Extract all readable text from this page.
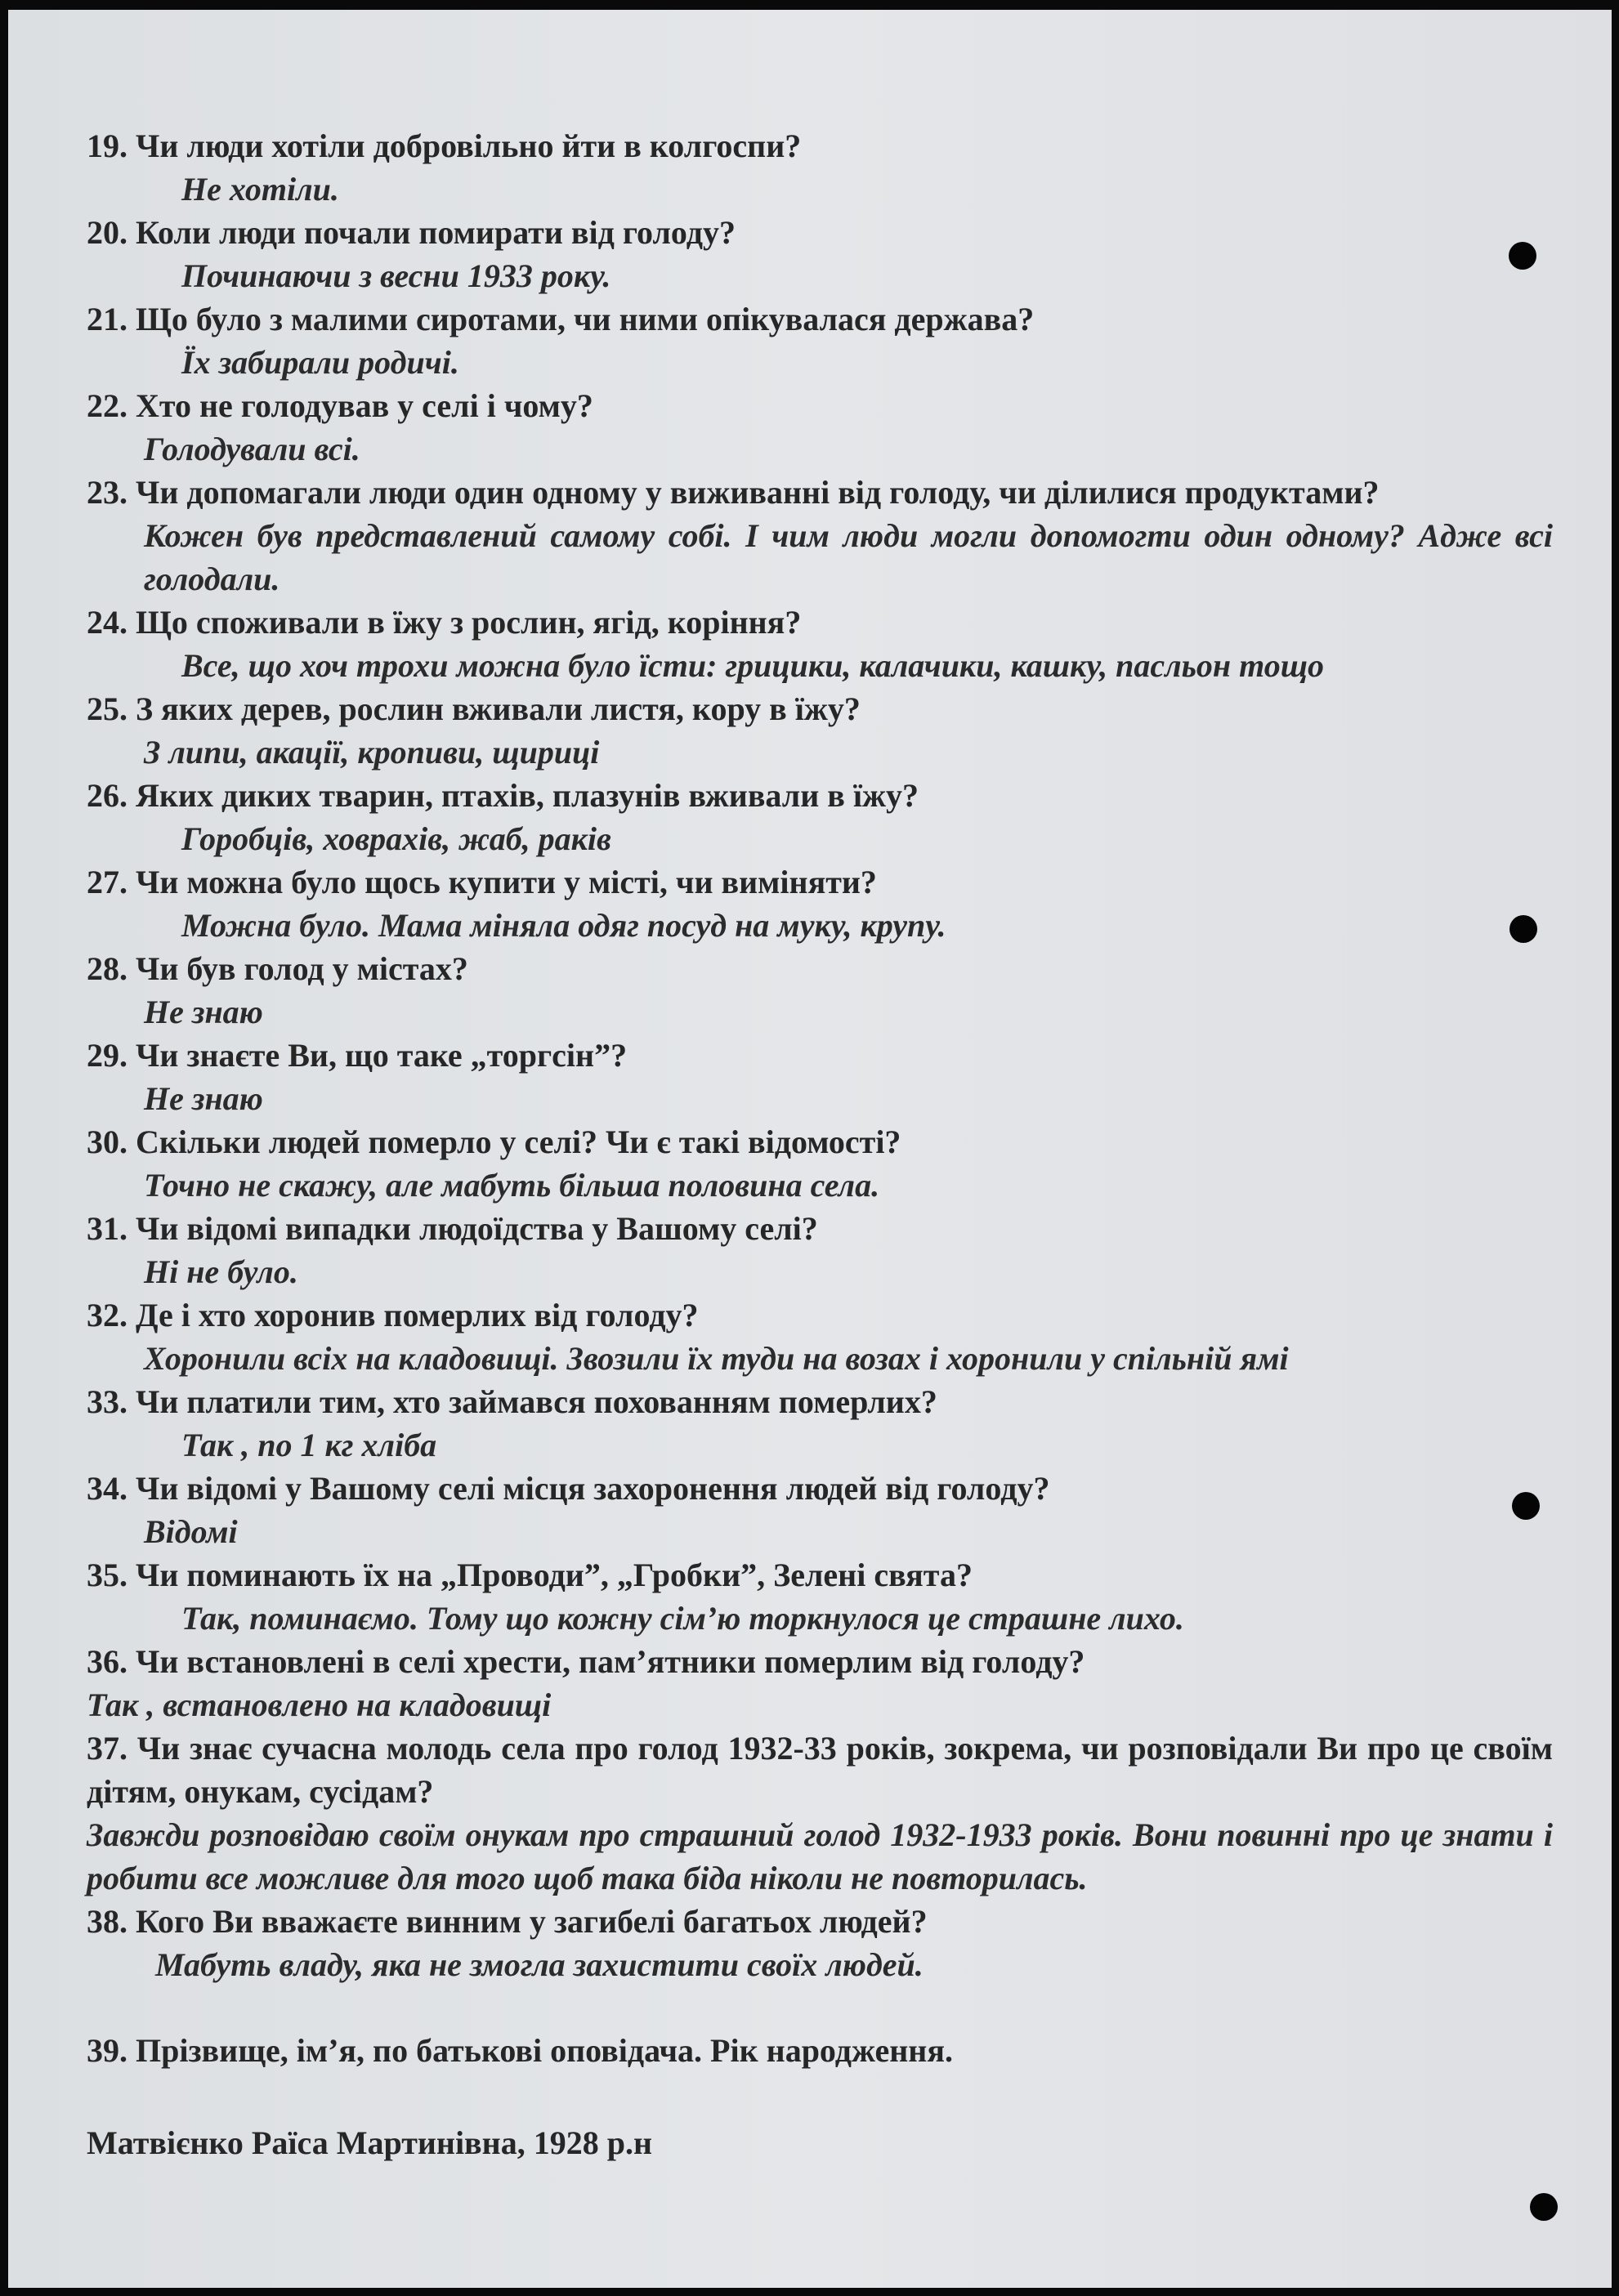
19. Чи люди хотіли добровільно йти в колгоспи?

Не хотіли.

20. Коли люди почали помирати від голоду?

Починаючи з весни 1933 року.

21. Що було з малими сиротами, чи ними опікувалася держава?

Їх забирали родичі.

22. Хто не голодував у селі і чому?

Голодували всі.

23. Чи допомагали люди один одному у виживанні від голоду, чи ділилися продуктами?

Кожен був представлений самому собі. І чим люди могли допомогти один одному? Адже всі голодали.

24. Що споживали в їжу з рослин, ягід, коріння?

Все, що хоч трохи можна було їсти: грицики, калачики, кашку, пасльон тощо

25. З яких дерев, рослин вживали листя, кору в їжу?

З липи, акації, кропиви, щириці

26. Яких диких тварин, птахів, плазунів вживали в їжу?

Горобців, ховрахів, жаб, раків

27. Чи можна було щось купити у місті, чи виміняти?

Можна було. Мама міняла одяг посуд на муку, крупу.

28. Чи був голод у містах?

Не знаю

29. Чи знаєте Ви, що таке „торгсін”?

Не знаю

30. Скільки людей померло у селі? Чи є такі відомості?

Точно не скажу, але мабуть більша половина села.

31. Чи відомі випадки людоїдства у Вашому селі?

Ні не було.

32. Де і хто хоронив померлих від голоду?

Хоронили всіх на кладовищі. Звозили їх туди на возах і хоронили у спільній ямі

33. Чи платили тим, хто займався похованням померлих?

Так , по 1 кг хліба

34. Чи відомі у Вашому селі місця захоронення людей від голоду?

Відомі

35. Чи поминають їх на „Проводи”, „Гробки”, Зелені свята?

Так, поминаємо. Тому що кожну сім’ю торкнулося це страшне лихо.

36. Чи встановлені в селі хрести, пам’ятники померлим від голоду?

Так , встановлено на кладовищі

37. Чи знає сучасна молодь села про голод 1932-33 років, зокрема, чи розповідали Ви про це своїм дітям, онукам, сусідам?

Завжди розповідаю своїм онукам про страшний голод 1932-1933 років. Вони повинні про це знати і робити все можливе для того щоб така біда ніколи не повторилась.

38. Кого Ви вважаєте винним у загибелі багатьох людей?

Мабуть владу, яка не змогла захистити своїх людей.

39. Прізвище, ім’я, по батькові оповідача. Рік народження.

Матвієнко Раїса Мартинівна, 1928 р.н
